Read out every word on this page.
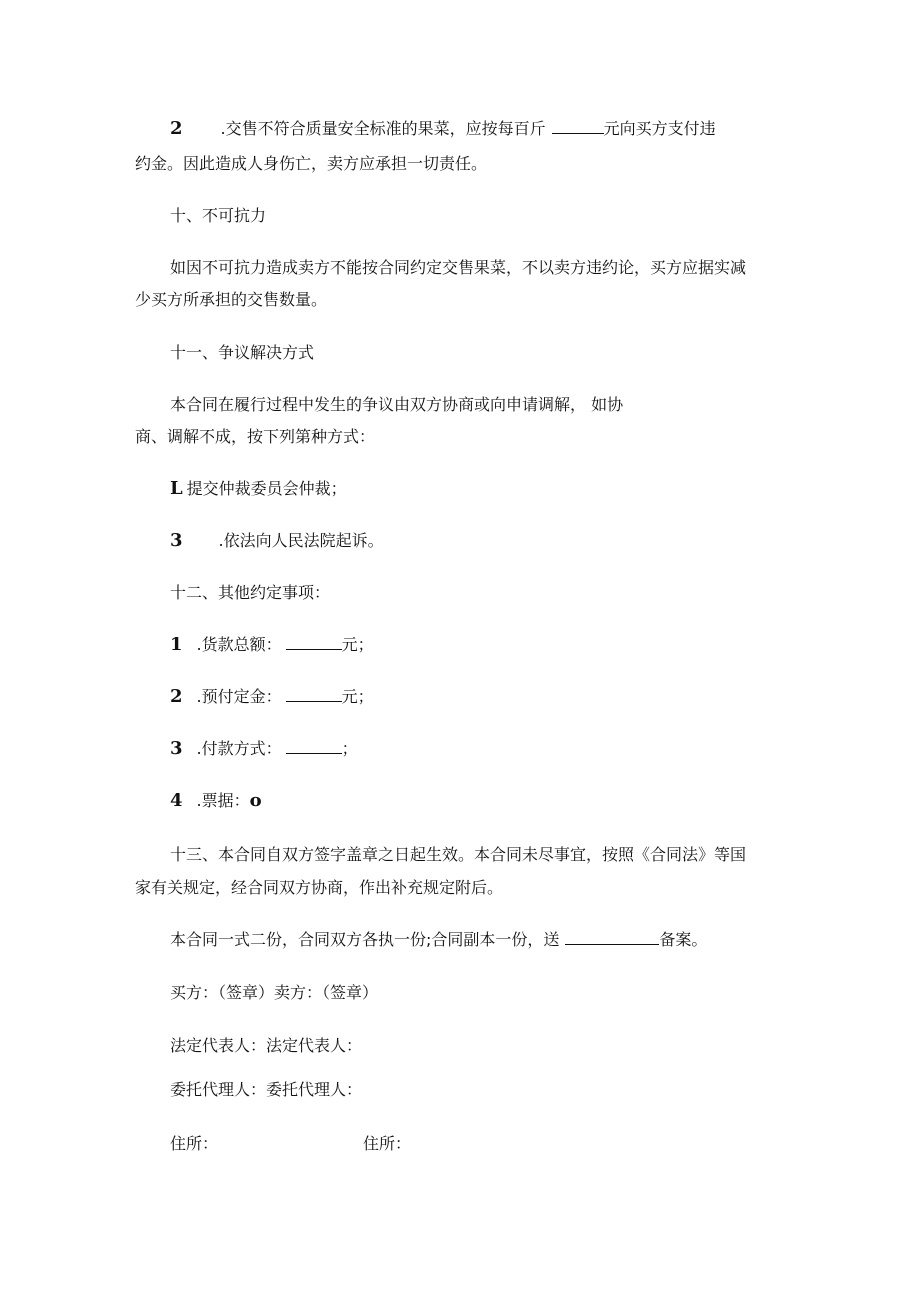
2 .交售不符合质量安全标准的果菜，应按每百斤	元向买方支付违
约金。因此造成人身伤亡，卖方应承担一切责任。
十、不可抗力
如因不可抗力造成卖方不能按合同约定交售果菜，不以卖方违约论，买方应据实减
少买方所承担的交售数量。
十一、争议解决方式
本合同在履行过程中发生的争议由双方协商或向申请调解， 如协
商、调解不成，按下列第种方式：
L 提交仲裁委员会仲裁；
3 .依法向人民法院起诉。
十二、其他约定事项：
1 .货款总额：	元；
2 .预付定金：	元；
3 .付款方式：	；
4 .票据：o
十三、本合同自双方签字盖章之日起生效。本合同未尽事宜，按照《合同法》等国
家有关规定，经合同双方协商，作出补充规定附后。
本合同一式二份，合同双方各执一份;合同副本一份，送	备案。
买方：（签章）卖方：（签章）
法定代表人：法定代表人：
委托代理人：委托代理人：
住所：	住所：
